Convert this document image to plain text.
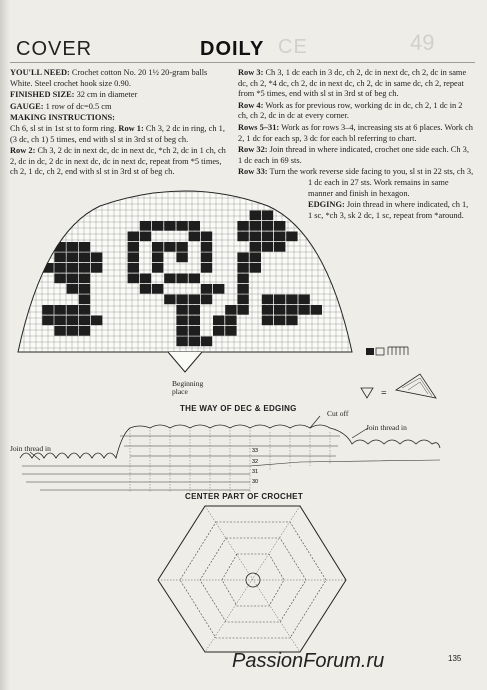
COVER	DOILY CE	49
YOU'LL NEED: Crochet cotton No. 20 1½ 20-gram balls White. Steel crochet hook size 0.90.
FINISHED SIZE: 32 cm in diameter
GAUGE: 1 row of dc=0.5 cm
MAKING INSTRUCTIONS:
Ch 6, sl st in 1st st to form ring. Row 1: Ch 3, 2 dc in ring, ch 1, (3 dc, ch 1) 5 times, end with sl st in 3rd st of beg ch.
Row 2: Ch 3, 2 dc in next dc, dc in next dc, *ch 2, dc in 1 ch, ch 2, dc in dc, 2 dc in next dc, dc in next dc, repeat from *5 times, ch 2, 1 dc, ch 2, end with sl st in 3rd st of beg ch.
Row 3: Ch 3, 1 dc each in 3 dc, ch 2, dc in next dc, ch 2, dc in same dc, ch 2, *4 dc, ch 2, dc in next dc, ch 2, dc in same dc, ch 2, repeat from *5 times, end with sl st in 3rd st of beg ch.
Row 4: Work as for previous row, working dc in dc, ch 2, 1 dc in 2 ch, ch 2, dc in dc at every corner.
Rows 5–31: Work as for rows 3–4, increasing sts at 6 places. Work ch 2, 1 dc for each sp, 3 dc for each bl referring to chart.
Row 32: Join thread in where indicated, crochet one side each. Ch 3, 1 dc each in 69 sts.
Row 33: Turn the work reverse side facing to you, sl st in 22 sts, ch 3, 1 dc each in 27 sts. Work remains in same manner and finish in hexagon.
EDGING: Join thread in where indicated, ch 1, 1 sc, *ch 3, sk 2 dc, 1 sc, repeat from *around.
=
33
32
31
30
Beginning place
THE WAY OF DEC & EDGING
Cut off
Join thread in
Join thread in
CENTER PART OF CROCHET
PassionForum.ru	135
